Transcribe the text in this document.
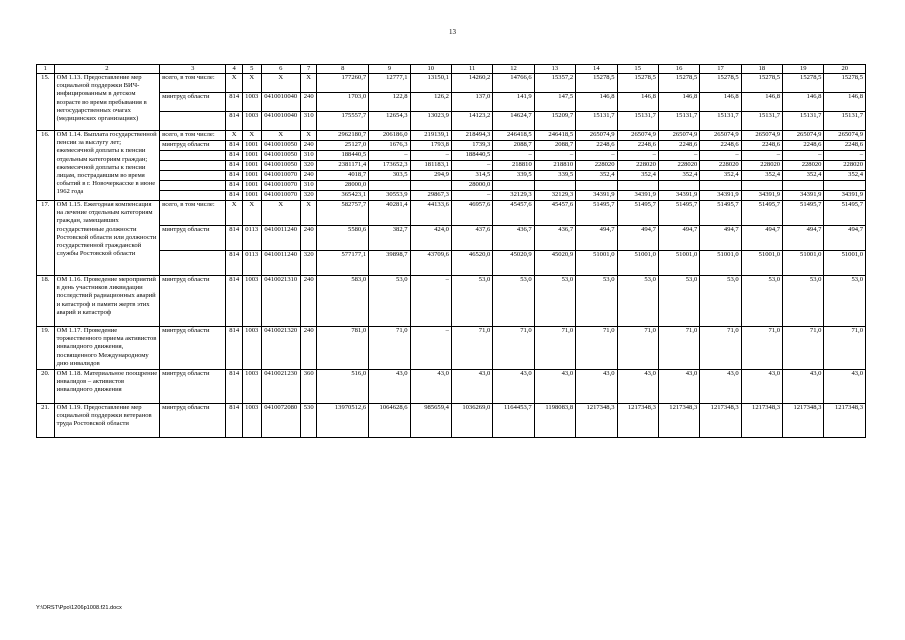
13
1	2	3	4	5	6	7	8	9	10	11	12	13	14	15	16	17	18	19	20
15.	ОМ 1.13. Предоставление мер социальной поддержки ВИЧ-инфицированным в детском возрасте во время пребывания в негосударственных очагах (медицинских организациях)	всего, в том числе:	X	X	X	X	177260,7	12777,1	13150,1	14260,2	14766,6	15357,2	15278,5	15278,5	15278,5	15278,5	15278,5	15278,5	15278,5
		минтруд области	814	1003	0410010040	240	1703,0	122,8	126,2	137,0	141,9	147,5	146,8	146,8	146,8	146,8	146,8	146,8	146,8
			814	1003	0410010040	310	175557,7	12654,3	13023,9	14123,2	14624,7	15209,7	15131,7	15131,7	15131,7	15131,7	15131,7	15131,7	15131,7
16.	ОМ 1.14. Выплата государственной пенсии за выслугу лет; ежемесячной доплаты к пенсии отдельным категориям граждан; ежемесячной доплаты к пенсии лицам, пострадавшим во время событий в г. Новочеркасске в июне 1962 года	всего, в том числе:	X	X	X	X	2962180,7	206186,0	219139,1	218494,3	246418,5	246418,5	265074,9	265074,9	265074,9	265074,9	265074,9	265074,9	265074,9
		минтруд области	814	1001	0410010050	240	25127,0	1676,3	1793,8	1739,3	2088,7	2088,7	2248,6	2248,6	2248,6	2248,6	2248,6	2248,6	2248,6
			814	1001	0410010050	310	188440,5	–	–	188440,5	–	–	–	–	–	–	–	–	–
			814	1001	0410010050	320	2381171,4	173652,3	181183,1	–	218810	218810	228020	228020	228020	228020	228020	228020	228020
			814	1001	0410010070	240	4018,7	303,5	294,9	314,5	339,5	339,5	352,4	352,4	352,4	352,4	352,4	352,4	352,4
			814	1001	0410010070	310	28000,0			28000,0									
			814	1001	0410010070	320	365423,1	30553,9	29867,3	–	32129,3	32129,3	34391,9	34391,9	34391,9	34391,9	34391,9	34391,9	34391,9
17.	ОМ 1.15. Ежегодная компенсация на лечение отдельным категориям граждан, замещавших государственные должности Ростовской области или должности государственной гражданской службы Ростовской области	всего, в том числе:	X	X	X	X	582757,7	40281,4	44133,6	46957,6	45457,6	45457,6	51495,7	51495,7	51495,7	51495,7	51495,7	51495,7	51495,7
		минтруд области	814	0113	0410011240	240	5580,6	382,7	424,0	437,6	436,7	436,7	494,7	494,7	494,7	494,7	494,7	494,7	494,7
			814	0113	0410011240	320	577177,1	39898,7	43709,6	46520,0	45020,9	45020,9	51001,0	51001,0	51001,0	51001,0	51001,0	51001,0	51001,0
18.	ОМ 1.16. Проведение мероприятий в день участников ликвидации последствий радиационных аварий и катастроф и памяти жертв этих аварий и катастроф	минтруд области	814	1003	0410021310	240	583,0	53,0	–	53,0	53,0	53,0	53,0	53,0	53,0	53,0	53,0	53,0	53,0
19.	ОМ 1.17. Проведение торжественного приема активистов инвалидного движения, посвященного Международному дню инвалидов	минтруд области	814	1003	0410021320	240	781,0	71,0	–	71,0	71,0	71,0	71,0	71,0	71,0	71,0	71,0	71,0	71,0
20.	ОМ 1.18. Материальное поощрение инвалидов – активистов инвалидного движения	минтруд области	814	1003	0410021230	360	516,0	43,0	43,0	43,0	43,0	43,0	43,0	43,0	43,0	43,0	43,0	43,0	43,0
21.	ОМ 1.19. Предоставление мер социальной поддержки ветеранов труда Ростовской области	минтруд области	814	1003	0410072080	530	13970512,6	1064628,6	985659,4	1036269,0	1164453,7	1198083,8	1217348,3	1217348,3	1217348,3	1217348,3	1217348,3	1217348,3	1217348,3
Y:\ORST\Ppo\1206p1008.f21.docx
